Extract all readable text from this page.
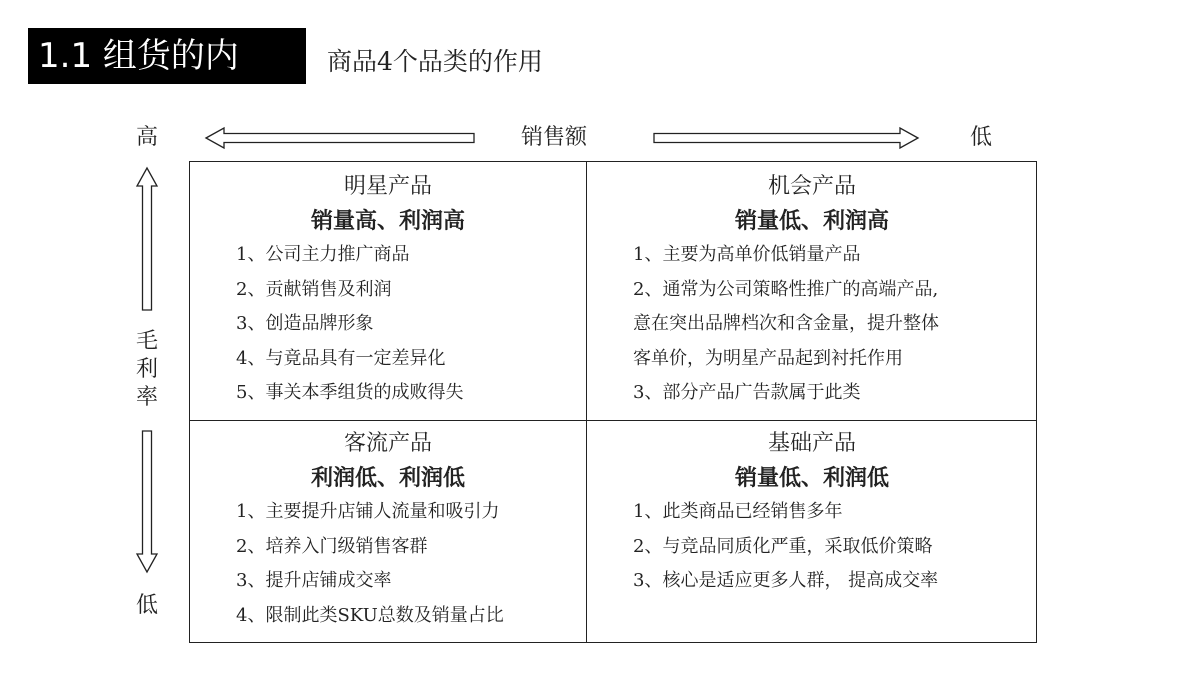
1.1 组货的内	商品4个品类的作用
高	销售额	低
毛
利
率
低
明星产品
销量高、利润高
1、公司主力推广商品
2、贡献销售及利润
3、创造品牌形象
4、与竟品具有一定差异化
5、事关本季组货的成败得失
机会产品
销量低、利润高
1、主要为高单价低销量产品
2、通常为公司策略性推广的高端产品,
意在突出品牌档次和含金量，提升整体
客单价，为明星产品起到衬托作用
3、部分产品广告款属于此类
客流产品
利润低、利润低
1、主要提升店铺人流量和吸引力
2、培养入门级销售客群
3、提升店铺成交率
4、限制此类SKU总数及销量占比
基础产品
销量低、利润低
1、此类商品已经销售多年
2、与竞品同质化严重，采取低价策略
3、核心是适应更多人群， 提高成交率
